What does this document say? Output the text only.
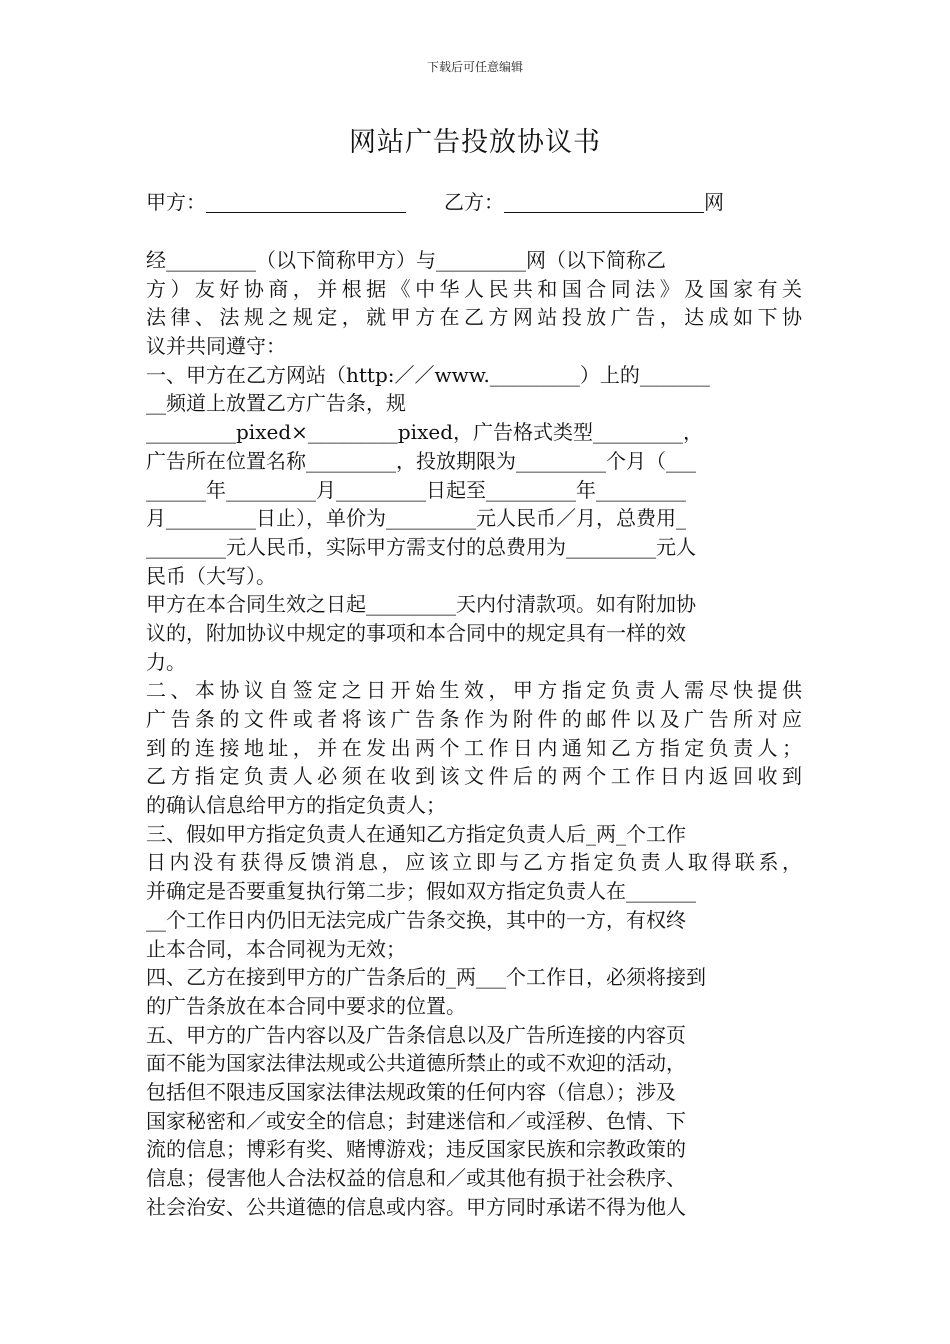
下载后可任意编辑
网站广告投放协议书
甲方：	乙方：	网
经_________（以下简称甲方）与_________网（以下简称乙
方）友好协商，并根据《中华人民共和国合同法》及国家有关
法律、法规之规定，就甲方在乙方网站投放广告，达成如下协
议并共同遵守：
一、甲方在乙方网站（http:／／www._________）上的_______
__频道上放置乙方广告条，规
_________pixed×_________pixed，广告格式类型_________，
广告所在位置名称_________，投放期限为_________个月（___
______年_________月_________日起至_________年_________
月_________日止），单价为_________元人民币／月，总费用_
________元人民币，实际甲方需支付的总费用为_________元人
民币（大写）。
甲方在本合同生效之日起_________天内付清款项。如有附加协
议的，附加协议中规定的事项和本合同中的规定具有一样的效
力。
二、本协议自签定之日开始生效，甲方指定负责人需尽快提供
广告条的文件或者将该广告条作为附件的邮件以及广告所对应
到的连接地址，并在发出两个工作日内通知乙方指定负责人；
乙方指定负责人必须在收到该文件后的两个工作日内返回收到
的确认信息给甲方的指定负责人；
三、假如甲方指定负责人在通知乙方指定负责人后_两_个工作
日内没有获得反馈消息，应该立即与乙方指定负责人取得联系，
并确定是否要重复执行第二步；假如双方指定负责人在_______
__个工作日内仍旧无法完成广告条交换，其中的一方，有权终
止本合同，本合同视为无效；
四、乙方在接到甲方的广告条后的_两___个工作日，必须将接到
的广告条放在本合同中要求的位置。
五、甲方的广告内容以及广告条信息以及广告所连接的内容页
面不能为国家法律法规或公共道德所禁止的或不欢迎的活动，
包括但不限违反国家法律法规政策的任何内容（信息）；涉及
国家秘密和／或安全的信息；封建迷信和／或淫秽、色情、下
流的信息；博彩有奖、赌博游戏；违反国家民族和宗教政策的
信息；侵害他人合法权益的信息和／或其他有损于社会秩序、
社会治安、公共道德的信息或内容。甲方同时承诺不得为他人
